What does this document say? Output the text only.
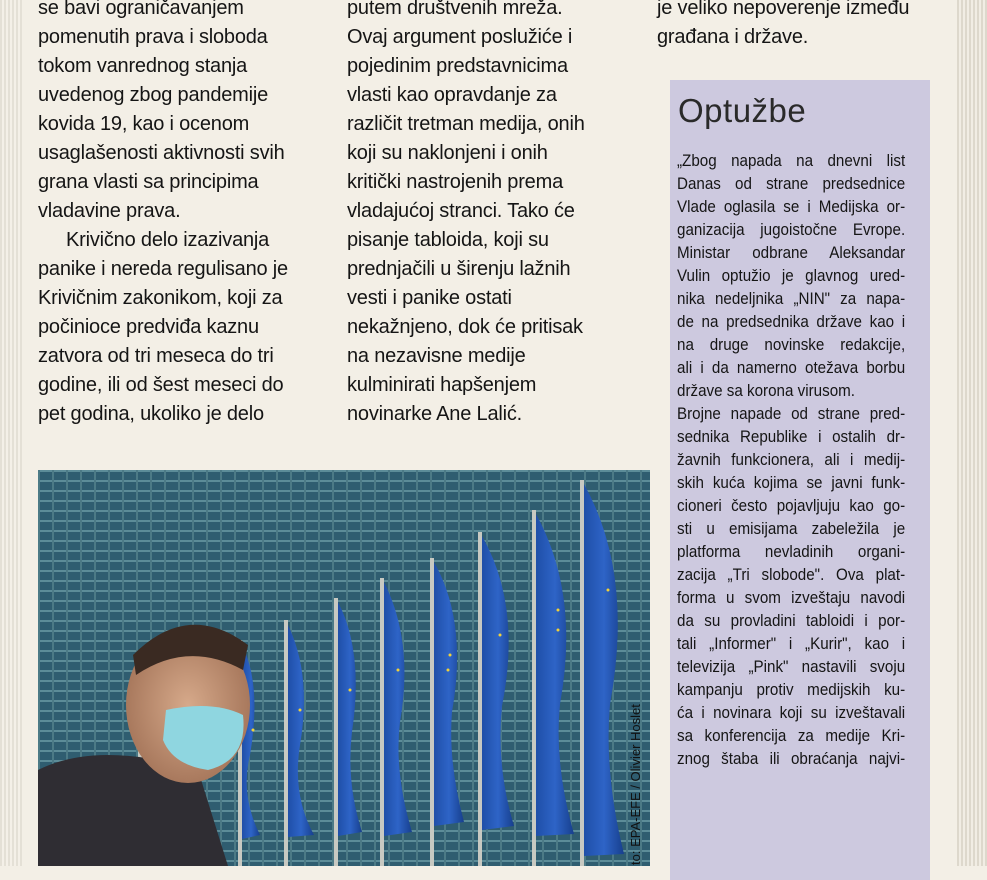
se bavi ograničavanjem
pomenutih prava i sloboda
tokom vanrednog stanja
uvedenog zbog pandemije
kovida 19, kao i ocenom
usaglašenosti aktivnosti svih
grana vlasti sa principima
vladavine prava.
Krivično delo izazivanja
panike i nereda regulisano je
Krivičnim zakonikom, koji za
počinioce predviđa kaznu
zatvora od tri meseca do tri
godine, ili od šest meseci do
pet godina, ukoliko je delo
putem društvenih mreža.
Ovaj argument poslužiće i
pojedinim predstavnicima
vlasti kao opravdanje za
različit tretman medija, onih
koji su naklonjeni i onih
kritički nastrojenih prema
vladajućoj stranci. Tako će
pisanje tabloida, koji su
prednjačili u širenju lažnih
vesti i panike ostati
nekažnjeno, dok će pritisak
na nezavisne medije
kulminirati hapšenjem
novinarke Ane Lalić.
je veliko nepoverenje između
građana i države.
Optužbe
„Zbog napada na dnevni list
Danas od strane predsednice
Vlade oglasila se i Medijska or-
ganizacija jugoistočne Evrope.
Ministar odbrane Aleksandar
Vulin optužio je glavnog ured-
nika nedeljnika „NIN" za napa-
de na predsednika države kao i
na druge novinske redakcije,
ali i da namerno otežava borbu
države sa korona virusom.
Brojne napade od strane pred-
sednika Republike i ostalih dr-
žavnih funkcionera, ali i medij-
skih kuća kojima se javni funk-
cioneri često pojavljuju kao go-
sti u emisijama zabeležila je
platforma nevladinih organi-
zacija „Tri slobode". Ova plat-
forma u svom izveštaju navodi
da su provladini tabloidi i por-
tali „Informer" i „Kurir", kao i
televizija „Pink" nastavili svoju
kampanju protiv medijskih ku-
ća i novinara koji su izveštavali
sa konferencija za medije Kri-
znog štaba ili obraćanja najvi-
to: EPA-EFE / Olivier Hoslet
